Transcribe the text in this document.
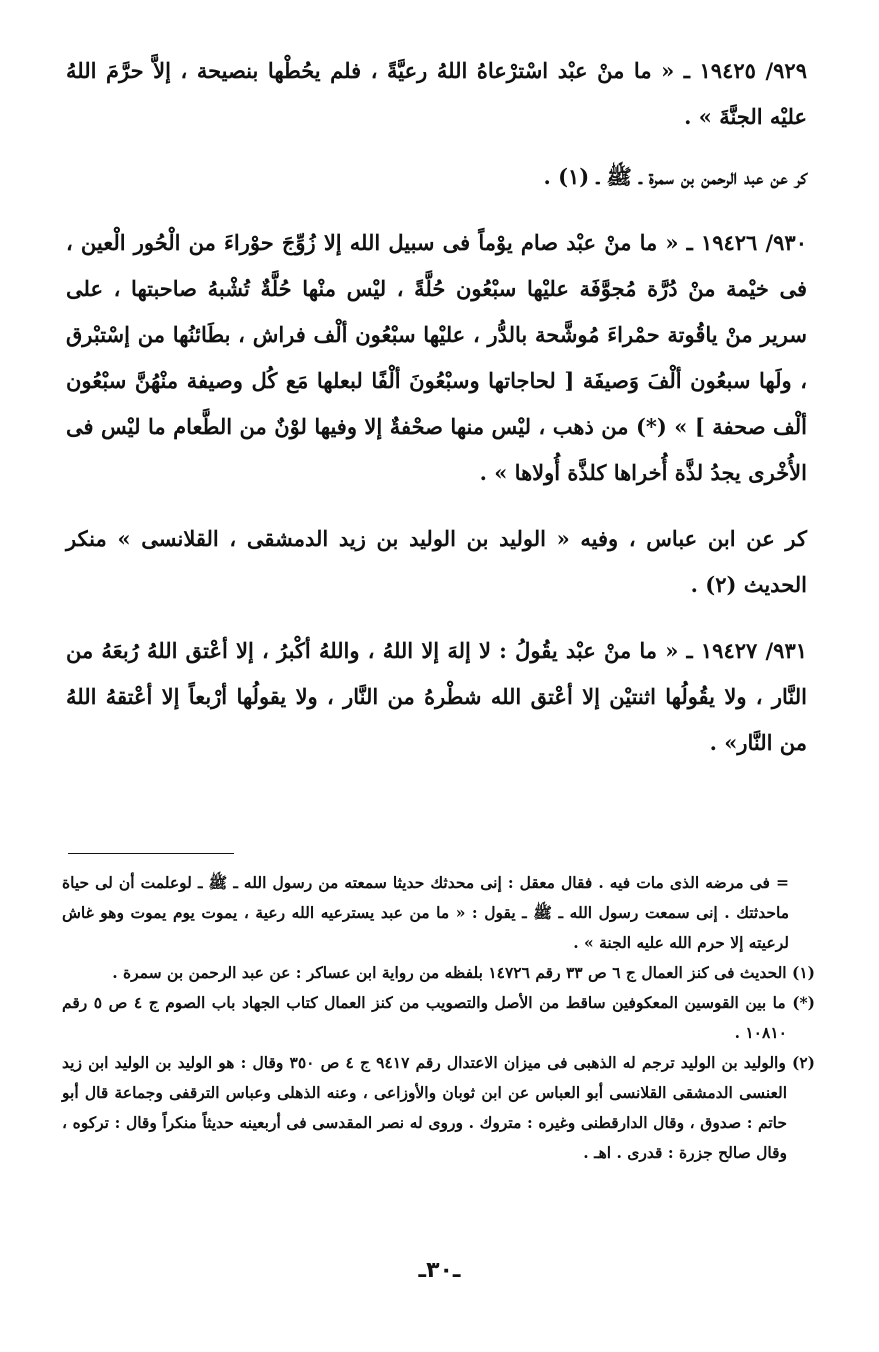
٩٢٩/ ١٩٤٢٥ ـ « ما منْ عبْد اسْترْعاهُ اللهُ رعيَّةً ، فلم يحُطْها بنصيحة ، إلاَّ حرَّمَ اللهُ عليْه الجنَّةَ » .

كر عن عبد الرحمن بن سمرة ـ ﷺ ـ (١) .

٩٣٠/ ١٩٤٢٦ ـ « ما منْ عبْد صام يوْماً فى سبيل الله إلا زُوِّجَ حوْراءَ من الْحُور الْعين ، فى خيْمة منْ دُرَّة مُجوَّفَة عليْها سبْعُون حُلَّةً ، ليْس منْها حُلَّةٌ تُشْبهُ صاحبتها ، على سرير منْ ياقُوتة حمْراءَ مُوشَّحة بالدُّر ، عليْها سبْعُون ألْف فراش ، بطَائنُها من إسْتبْرق ، ولَها سبعُون ألْفَ وَصيفَة [ لحاجاتها وسبْعُونَ ألْفًا لبعلها مَع كُل وصيفة منْهُنَّ سبْعُون ألْف صحفة ] » (*) من ذهب ، ليْس منها صحْفةٌ إلا وفيها لوْنٌ من الطَّعام ما ليْس فى الأُخْرى يجدُ لذَّة أُخراها كلذَّة أُولاها » .

كر عن ابن عباس ، وفيه « الوليد بن الوليد بن زيد الدمشقى ، القلانسى » منكر الحديث (٢) .

٩٣١/ ١٩٤٢٧ ـ « ما منْ عبْد يقُولُ : لا إلهَ إلا اللهُ ، واللهُ أكْبرُ ، إلا أعْتق اللهُ رُبعَهُ من النَّار ، ولا يقُولُها اثنتيْن إلا أعْتق الله شطْرهُ من النَّار ، ولا يقولُها أرْبعاً إلا أعْتقهُ اللهُ من النَّار» .

= فى مرضه الذى مات فيه . فقال معقل : إنى محدثك حديثا سمعته من رسول الله ـ ﷺ ـ لوعلمت أن لى حياة ماحدثتك . إنى سمعت رسول الله ـ ﷺ ـ يقول : « ما من عبد يسترعيه الله رعية ، يموت يوم يموت وهو غاش لرعيته إلا حرم الله عليه الجنة » .

(١) الحديث فى كنز العمال ج ٦ ص ٣٣ رقم ١٤٧٢٦ بلفظه من رواية ابن عساكر : عن عبد الرحمن بن سمرة .

(*) ما بين القوسين المعكوفين ساقط من الأصل والتصويب من كنز العمال كتاب الجهاد باب الصوم ج ٤ ص ٥ رقم ١٠٨١٠ .

(٢) والوليد بن الوليد ترجم له الذهبى فى ميزان الاعتدال رقم ٩٤١٧ ج ٤ ص ٣٥٠ وقال : هو الوليد بن الوليد ابن زيد العنسى الدمشقى القلانسى أبو العباس عن ابن ثوبان والأوزاعى ، وعنه الذهلى وعباس الترقفى وجماعة قال أبو حاتم : صدوق ، وقال الدارقطنى وغيره : متروك . وروى له نصر المقدسى فى أربعينه حديثاً منكراً وقال : تركوه ، وقال صالح جزرة : قدرى . اهـ .

ـ٣٠ـ
